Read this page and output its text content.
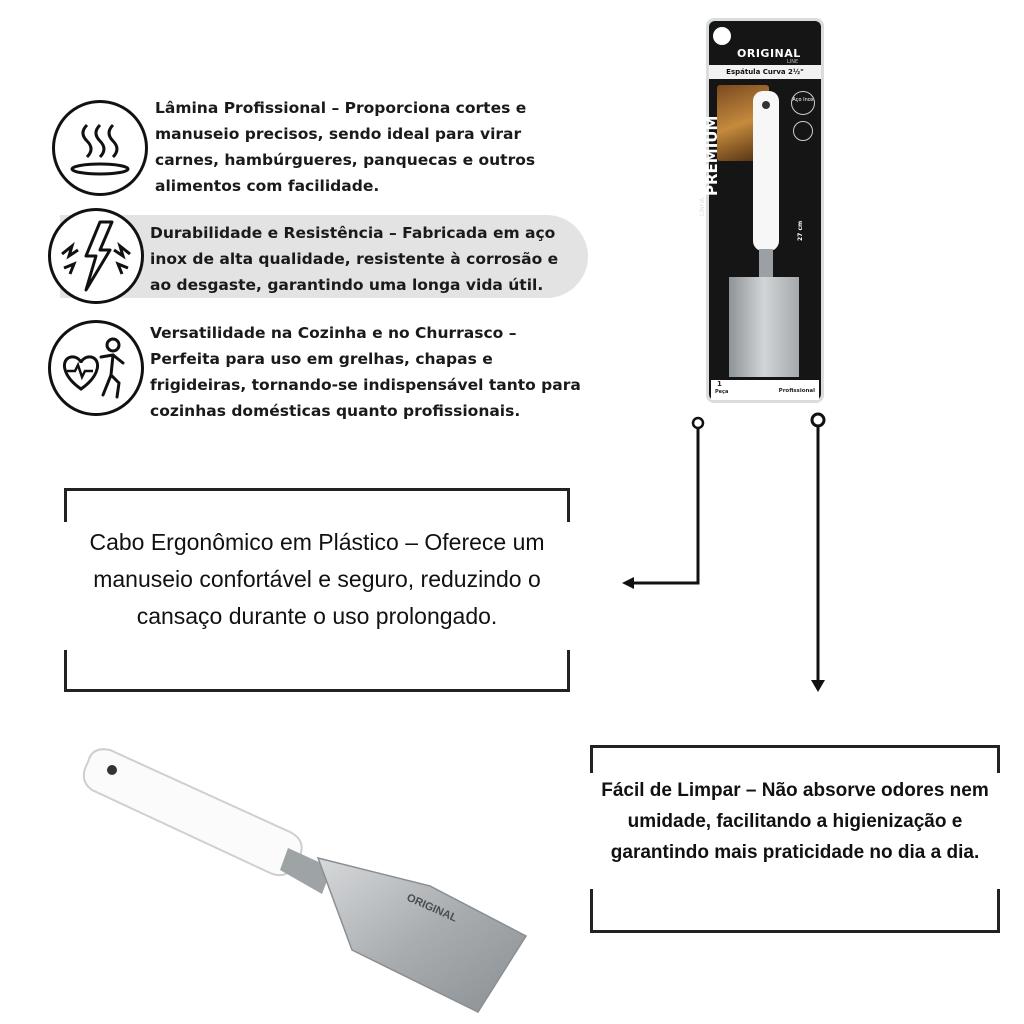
Lâmina Profissional – Proporciona cortes e manuseio precisos, sendo ideal para virar carnes, hambúrgueres, panquecas e outros alimentos com facilidade.
Durabilidade e Resistência – Fabricada em aço inox de alta qualidade, resistente à corrosão e ao desgaste, garantindo uma longa vida útil.
Versatilidade na Cozinha e no Churrasco – Perfeita para uso em grelhas, chapas e frigideiras, tornando-se indispensável tanto para cozinhas domésticas quanto profissionais.
ORIGINAL
LINE
Espátula Curva 2½"
Aço Inox
PREMIUM
LINHA
27 cm
1
Peça	Profissional
Cabo Ergonômico em Plástico – Oferece um manuseio confortável e seguro, reduzindo o cansaço durante o uso prolongado.
Fácil de Limpar – Não absorve odores nem umidade, facilitando a higienização e garantindo mais praticidade no dia a dia.
ORIGINAL
